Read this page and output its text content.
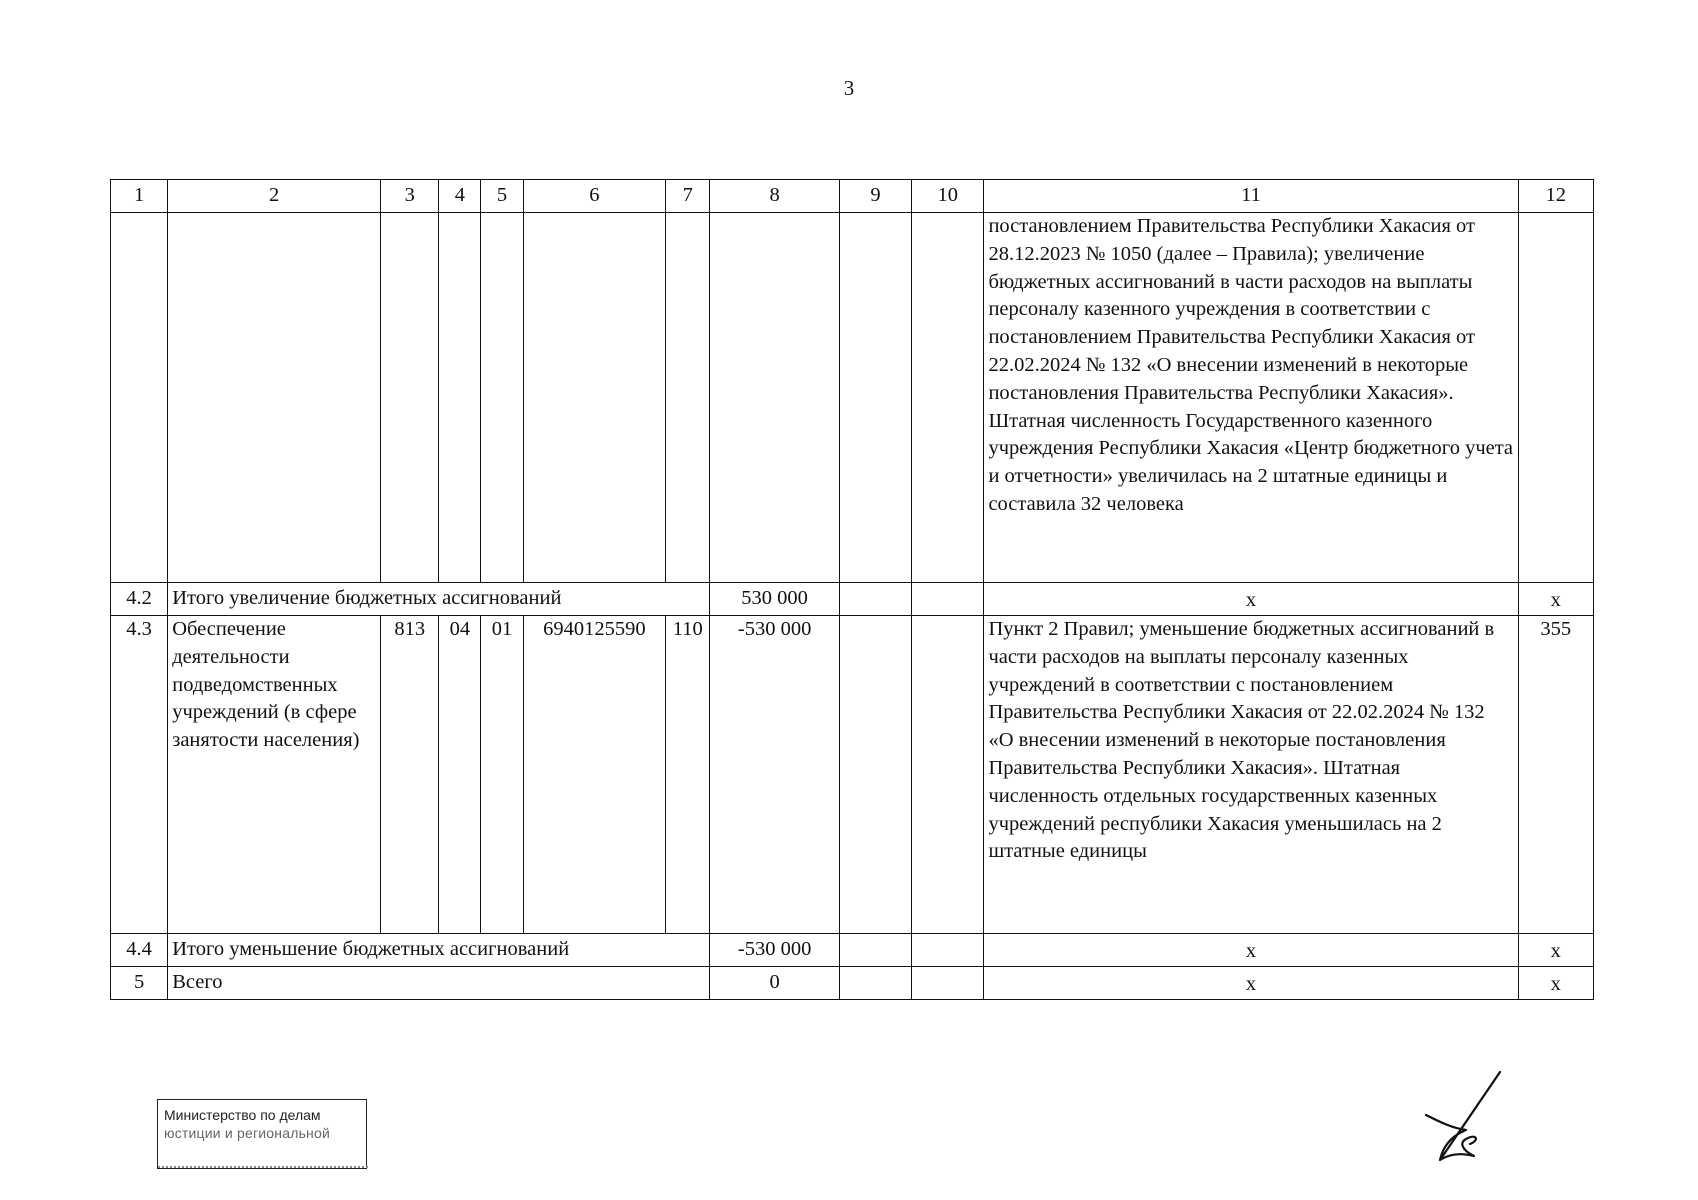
3
1	2	3	4	5	6	7	8	9	10	11	12
										постановлением Правительства Республики Хакасия от 28.12.2023 № 1050 (далее – Правила); увеличение бюджетных ассигнований в части расходов на выплаты персоналу казенного учреждения в соответствии с постановлением Правительства Республики Хакасия от 22.02.2024 № 132 «О внесении изменений в некоторые постановления Правительства Республики Хакасия». Штатная численность Государственного казенного учреждения Республики Хакасия «Центр бюджетного учета и отчетности» увеличилась на 2 штатные единицы и составила 32 человека	
4.2	Итого увеличение бюджетных ассигнований						530 000			x	x
4.3	Обеспечение деятельности подведомственных учреждений (в сфере занятости населения)	813	04	01	6940125590	110	-530 000			Пункт 2 Правил; уменьшение бюджетных ассигнований в части расходов на выплаты персоналу казенных учреждений в соответствии с постановлением Правительства Республики Хакасия от 22.02.2024 № 132 «О внесении изменений в некоторые постановления Правительства Республики Хакасия». Штатная численность отдельных государственных казенных учреждений республики Хакасия уменьшилась на 2 штатные единицы	355
4.4	Итого уменьшение бюджетных ассигнований						-530 000			x	x
5	Всего						0			x	x
Министерство по делам
юстиции и региональной
